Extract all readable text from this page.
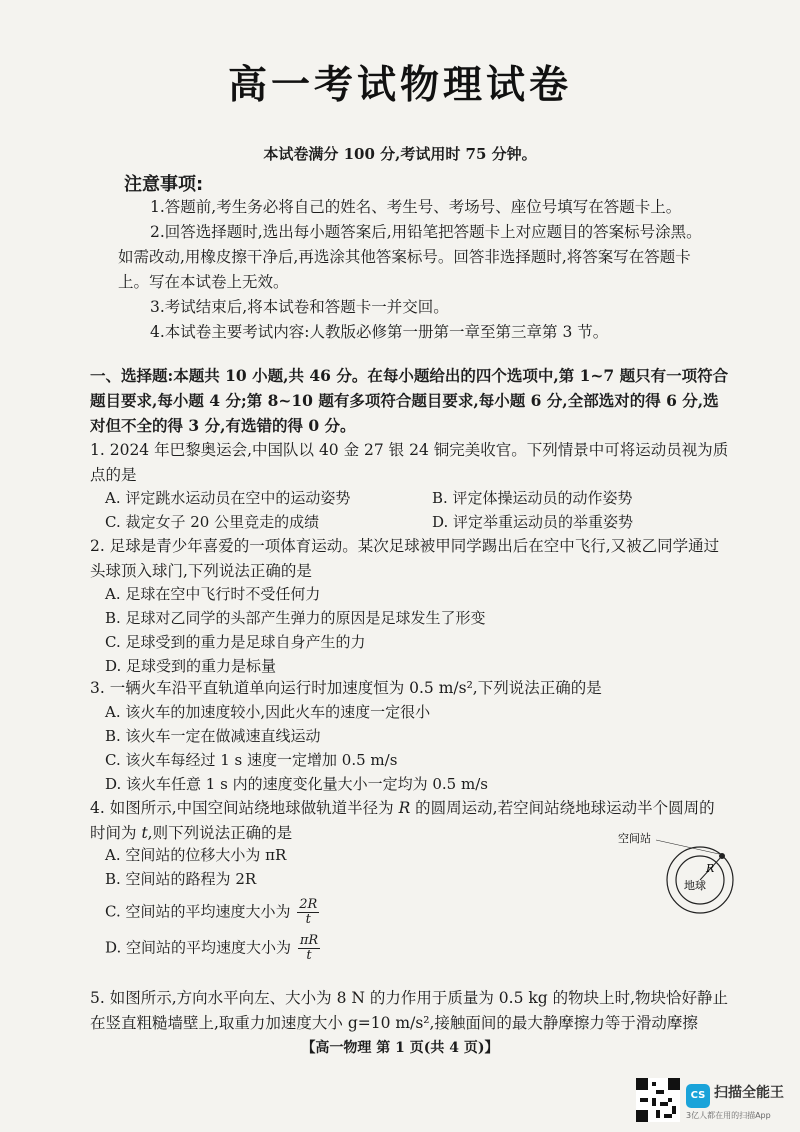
高一考试物理试卷
本试卷满分 100 分,考试用时 75 分钟。
注意事项:

1.答题前,考生务必将自己的姓名、考生号、考场号、座位号填写在答题卡上。

2.回答选择题时,选出每小题答案后,用铅笔把答题卡上对应题目的答案标号涂黑。如需改动,用橡皮擦干净后,再选涂其他答案标号。回答非选择题时,将答案写在答题卡上。写在本试卷上无效。

3.考试结束后,将本试卷和答题卡一并交回。

4.本试卷主要考试内容:人教版必修第一册第一章至第三章第 3 节。

一、选择题:本题共 10 小题,共 46 分。在每小题给出的四个选项中,第 1~7 题只有一项符合题目要求,每小题 4 分;第 8~10 题有多项符合题目要求,每小题 6 分,全部选对的得 6 分,选对但不全的得 3 分,有选错的得 0 分。
1. 2024 年巴黎奥运会,中国队以 40 金 27 银 24 铜完美收官。下列情景中可将运动员视为质点的是
A. 评定跳水运动员在空中的运动姿势	B. 评定体操运动员的动作姿势
C. 裁定女子 20 公里竞走的成绩	D. 评定举重运动员的举重姿势
2. 足球是青少年喜爱的一项体育运动。某次足球被甲同学踢出后在空中飞行,又被乙同学通过头球顶入球门,下列说法正确的是
A. 足球在空中飞行时不受任何力
B. 足球对乙同学的头部产生弹力的原因是足球发生了形变
C. 足球受到的重力是足球自身产生的力
D. 足球受到的重力是标量
3. 一辆火车沿平直轨道单向运行时加速度恒为 0.5 m/s²,下列说法正确的是
A. 该火车的加速度较小,因此火车的速度一定很小
B. 该火车一定在做减速直线运动
C. 该火车每经过 1 s 速度一定增加 0.5 m/s
D. 该火车任意 1 s 内的速度变化量大小一定均为 0.5 m/s
4. 如图所示,中国空间站绕地球做轨道半径为 R 的圆周运动,若空间站绕地球运动半个圆周的时间为 t,则下列说法正确的是
A. 空间站的位移大小为 πR
B. 空间站的路程为 2R
C. 空间站的平均速度大小为 $\frac{2R}{t}$
D. 空间站的平均速度大小为 $\frac{\pi R}{t}$
空间站
地球
R
5. 如图所示,方向水平向左、大小为 8 N 的力作用于质量为 0.5 kg 的物块上时,物块恰好静止在竖直粗糙墙壁上,取重力加速度大小 g=10 m/s²,接触面间的最大静摩擦力等于滑动摩擦
【高一物理 第 1 页(共 4 页)】
CS 扫描全能王
3亿人都在用的扫描App
